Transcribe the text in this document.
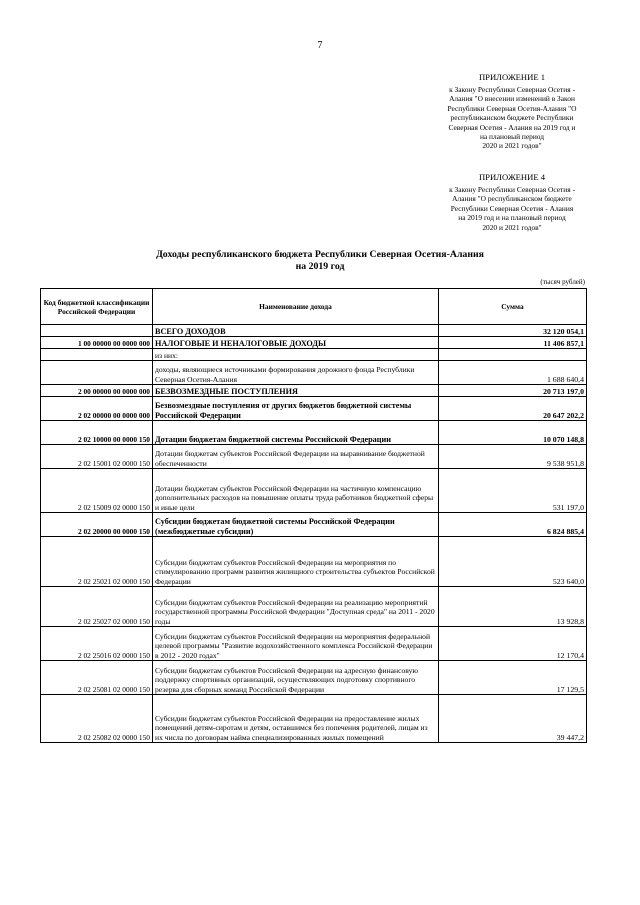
7
ПРИЛОЖЕНИЕ 1
к Закону Республики Северная Осетия -
Алания "О внесении изменений в Закон
Республики Северная Осетия-Алания "О
республиканском бюджете Республики
Северная Осетия - Алания на 2019 год и
на плановый период
2020 и 2021 годов"
ПРИЛОЖЕНИЕ 4
к Закону Республики Северная Осетия -
Алания "О республиканском бюджете
Республики Северная Осетия - Алания
на 2019 год и на плановый период
2020 и 2021 годов"
Доходы республиканского бюджета Республики Северная Осетия-Алания
на 2019 год
(тысяч рублей)
Код бюджетной классификации Российской Федерации	Наименование дохода	Сумма
	ВСЕГО ДОХОДОВ	32 120 054,1
1 00 00000 00 0000 000	НАЛОГОВЫЕ И НЕНАЛОГОВЫЕ ДОХОДЫ	11 406 857,1
	из них:	
	доходы, являющиеся источниками формирования дорожного фонда Республики Северная Осетия-Алания	1 688 640,4
2 00 00000 00 0000 000	БЕЗВОЗМЕЗДНЫЕ ПОСТУПЛЕНИЯ	20 713 197,0
2 02 00000 00 0000 000	Безвозмездные поступления от других бюджетов бюджетной системы Российской Федерации	20 647 202,2
2 02 10000 00 0000 150	Дотации бюджетам бюджетной системы Российской Федерации	10 070 148,8
2 02 15001 02 0000 150	Дотации бюджетам субъектов Российской Федерации на выравнивание бюджетной обеспеченности	9 538 951,8
2 02 15009 02 0000 150	Дотации бюджетам субъектов Российской Федерации на частичную компенсацию дополнительных расходов на повышение оплаты труда работников бюджетной сферы и иные цели	531 197,0
2 02 20000 00 0000 150	Субсидии бюджетам бюджетной системы Российской Федерации (межбюджетные субсидии)	6 824 885,4
2 02 25021 02 0000 150	Субсидии бюджетам субъектов Российской Федерации на мероприятия по стимулированию программ развития жилищного строительства субъектов Российской Федерации	523 640,0
2 02 25027 02 0000 150	Субсидии бюджетам субъектов Российской Федерации на реализацию мероприятий государственной программы Российской Федерации "Доступная среда" на 2011 - 2020 годы	13 928,8
2 02 25016 02 0000 150	Субсидии бюджетам субъектов Российской Федерации на мероприятия федеральной целевой программы "Развитие водохозяйственного комплекса Российской Федерации в 2012 - 2020 годах"	12 170,4
2 02 25081 02 0000 150	Субсидии бюджетам субъектов Российской Федерации на адресную финансовую поддержку спортивных организаций, осуществляющих подготовку спортивного резерва для сборных команд Российской Федерации	17 129,5
2 02 25082 02 0000 150	Субсидии бюджетам субъектов Российской Федерации на предоставление жилых помещений детям-сиротам и детям, оставшимся без попечения родителей, лицам из их числа по договорам найма специализированных жилых помещений	39 447,2
